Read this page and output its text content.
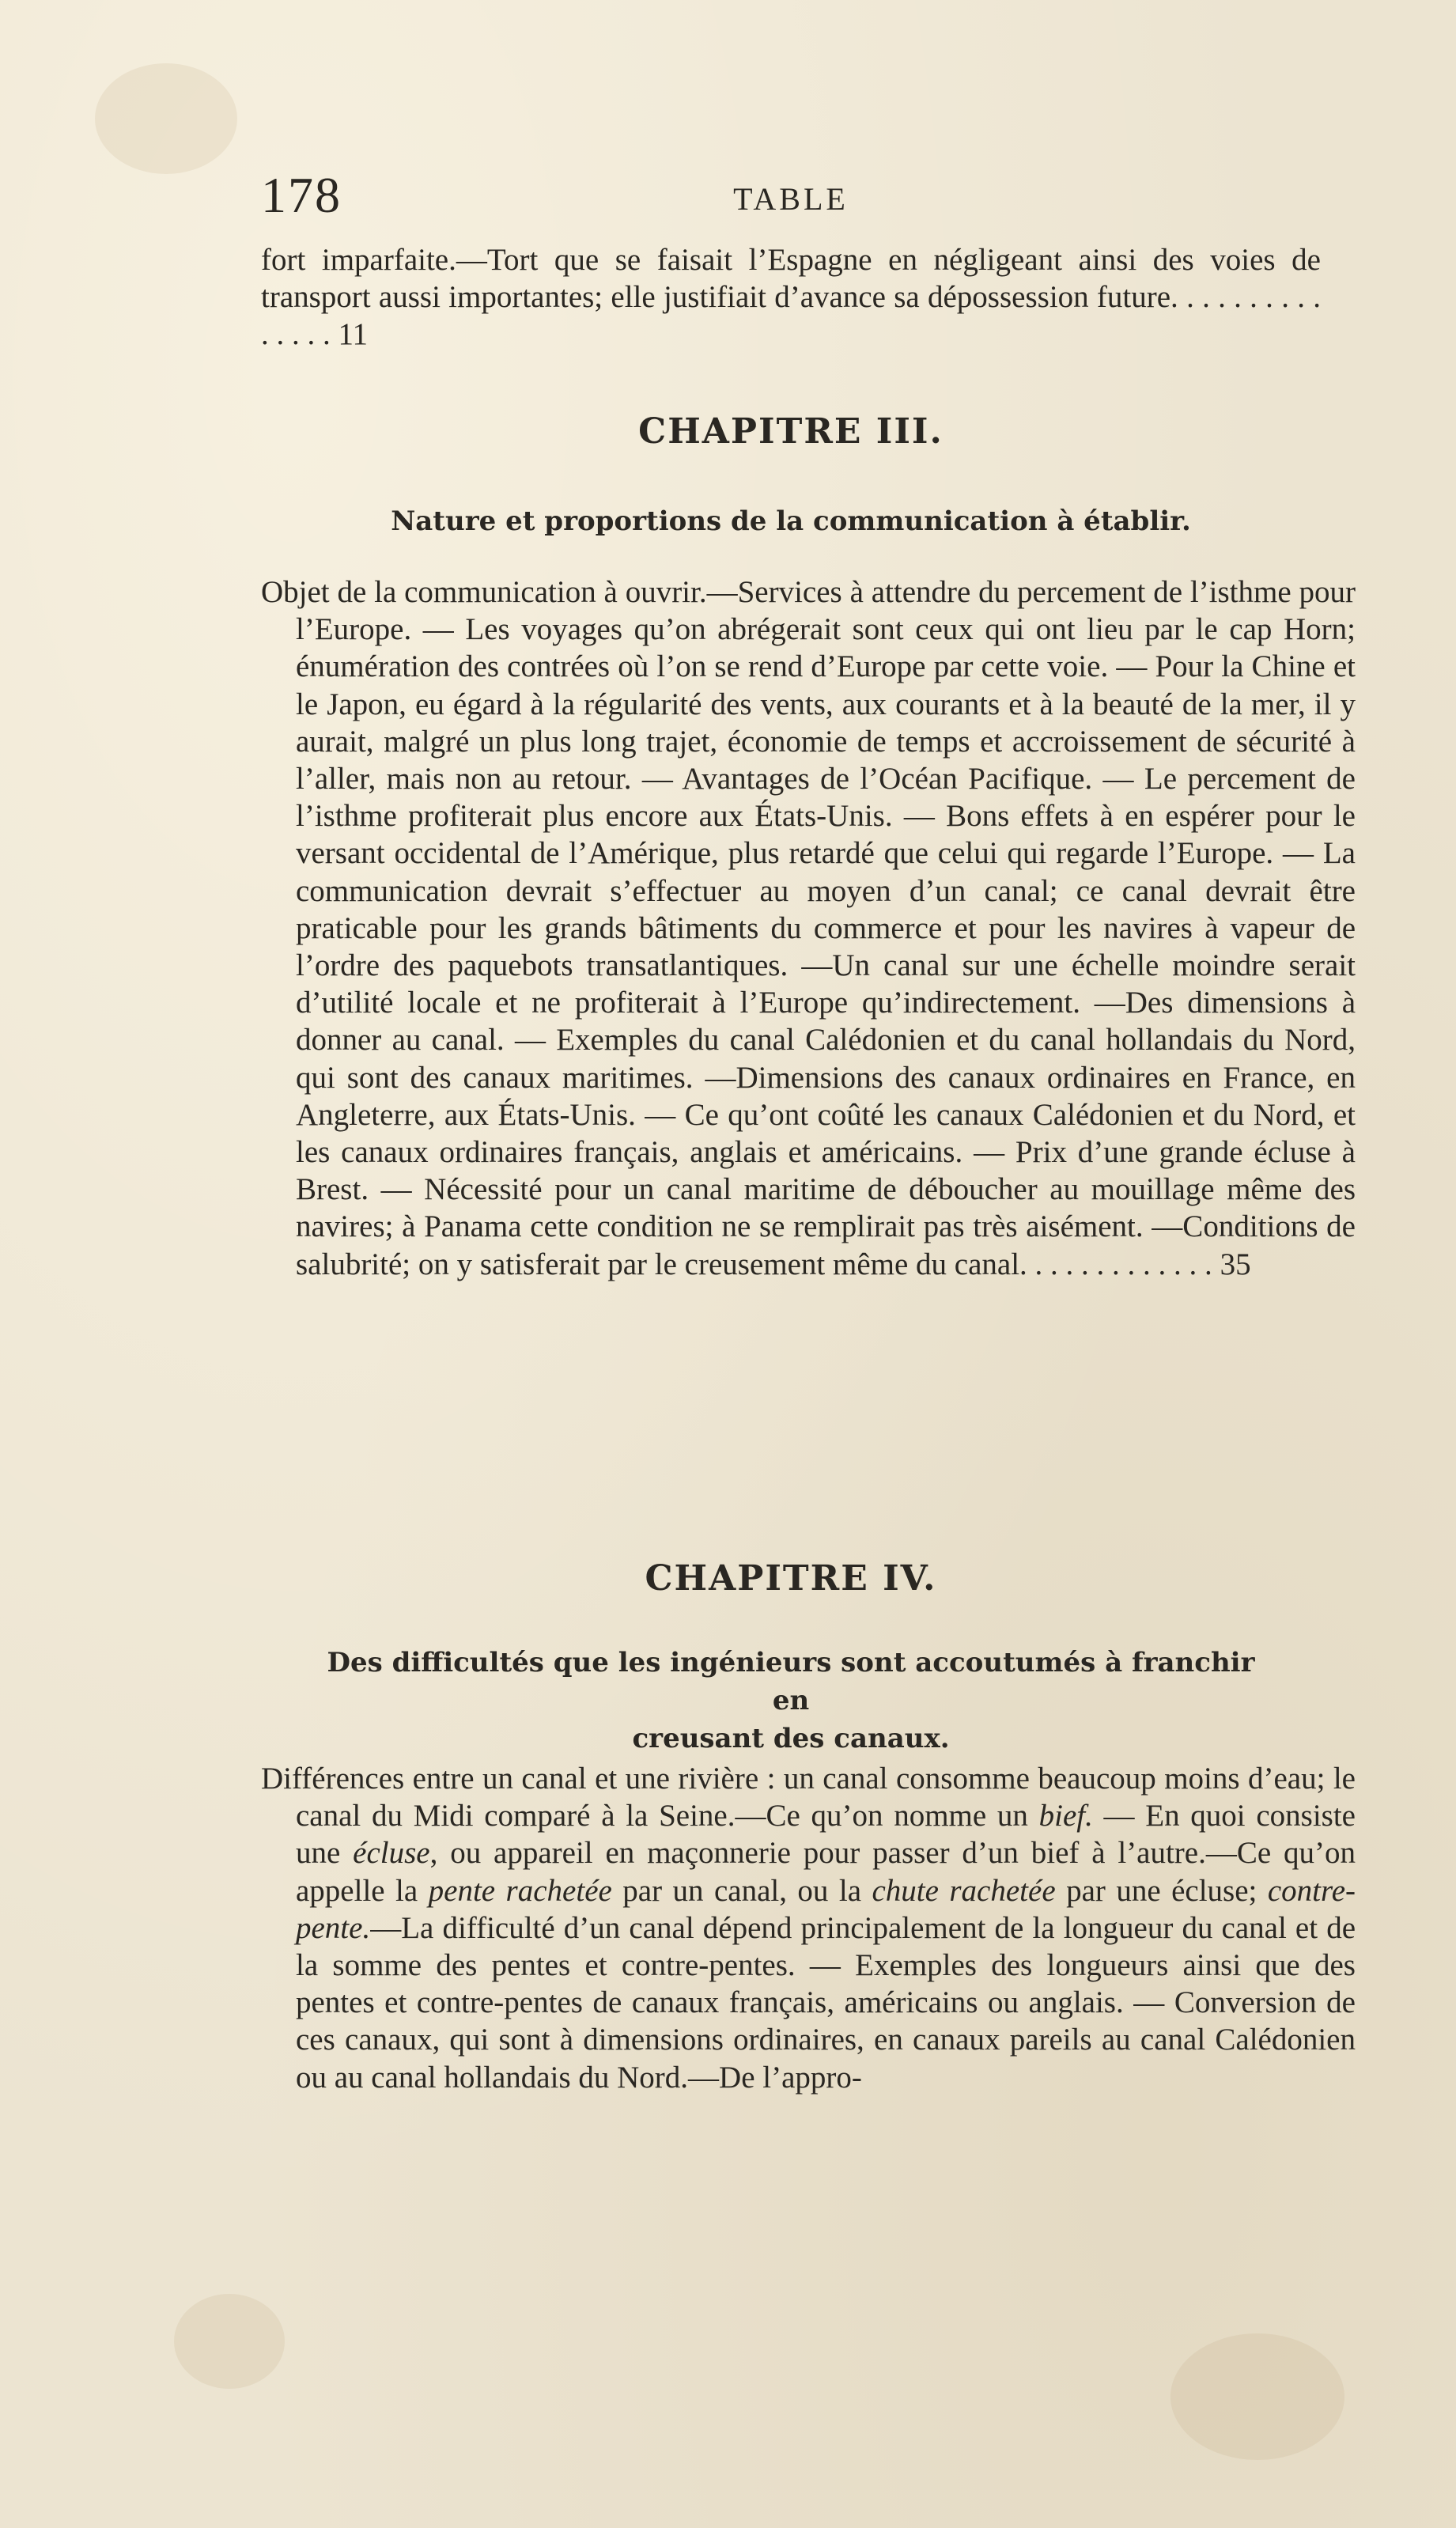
178	TABLE
fort imparfaite.—Tort que se faisait l’Espagne en négligeant ainsi des voies de transport aussi importantes; elle justifiait d’avance sa dépossession future. . . . . . . . . . . . . . . 11
CHAPITRE III.
Nature et proportions de la communication à établir.
Objet de la communication à ouvrir.—Services à attendre du percement de l’isthme pour l’Europe. — Les voyages qu’on abrégerait sont ceux qui ont lieu par le cap Horn; énumération des contrées où l’on se rend d’Europe par cette voie. — Pour la Chine et le Japon, eu égard à la régularité des vents, aux courants et à la beauté de la mer, il y aurait, malgré un plus long trajet, économie de temps et accroissement de sécurité à l’aller, mais non au retour. — Avantages de l’Océan Pacifique. — Le percement de l’isthme profiterait plus encore aux États-Unis. — Bons effets à en espérer pour le versant occidental de l’Amérique, plus retardé que celui qui regarde l’Europe. — La communication devrait s’effectuer au moyen d’un canal; ce canal devrait être praticable pour les grands bâtiments du commerce et pour les navires à vapeur de l’ordre des paquebots transatlantiques. —Un canal sur une échelle moindre serait d’utilité locale et ne profiterait à l’Europe qu’indirectement. —Des dimensions à donner au canal. — Exemples du canal Calédonien et du canal hollandais du Nord, qui sont des canaux maritimes. —Dimensions des canaux ordinaires en France, en Angleterre, aux États-Unis. — Ce qu’ont coûté les canaux Calédonien et du Nord, et les canaux ordinaires français, anglais et américains. — Prix d’une grande écluse à Brest. — Nécessité pour un canal maritime de déboucher au mouillage même des navires; à Panama cette condition ne se remplirait pas très aisément. —Conditions de salubrité; on y satisferait par le creusement même du canal. . . . . . . . . . . . . 35
CHAPITRE IV.
Des difficultés que les ingénieurs sont accoutumés à franchir en
creusant des canaux.
Différences entre un canal et une rivière : un canal consomme beaucoup moins d’eau; le canal du Midi comparé à la Seine.—Ce qu’on nomme un bief. — En quoi consiste une écluse, ou appareil en maçonnerie pour passer d’un bief à l’autre.—Ce qu’on appelle la pente rachetée par un canal, ou la chute rachetée par une écluse; contre-pente.—La difficulté d’un canal dépend principalement de la longueur du canal et de la somme des pentes et contre-pentes. — Exemples des longueurs ainsi que des pentes et contre-pentes de canaux français, américains ou anglais. — Conversion de ces canaux, qui sont à dimensions ordinaires, en canaux pareils au canal Calédonien ou au canal hollandais du Nord.—De l’appro-
